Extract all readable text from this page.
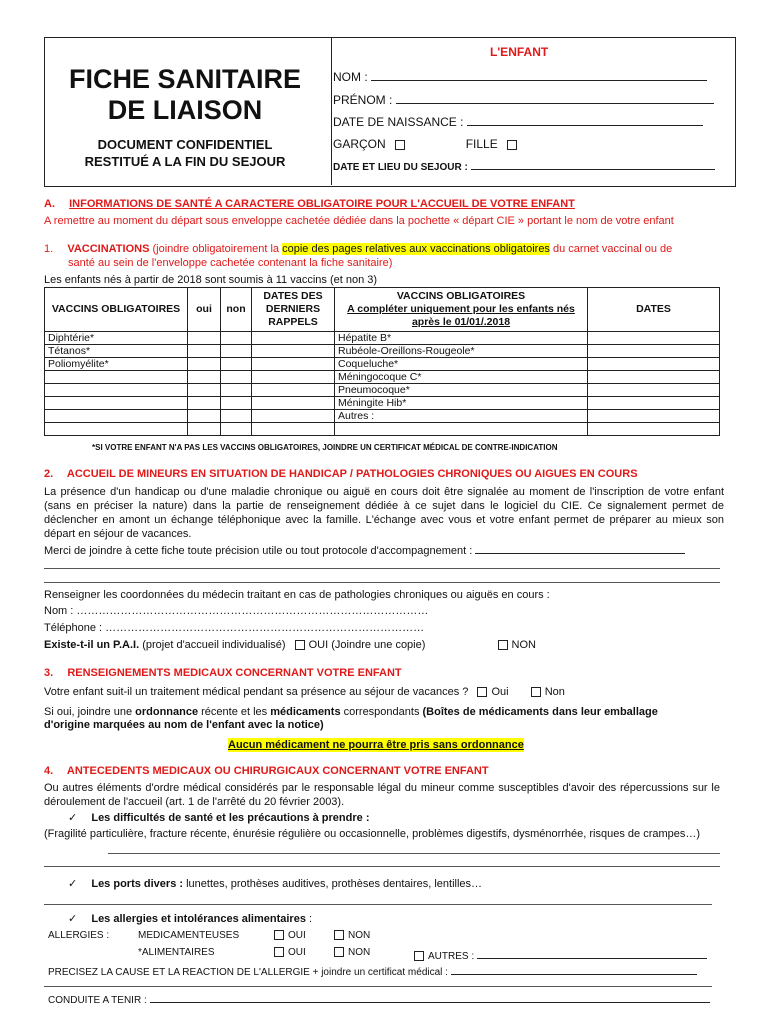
FICHE SANITAIRE
DE LIAISON
DOCUMENT CONFIDENTIEL
RESTITUÉ A LA FIN DU SEJOUR
L'ENFANT
NOM :
PRÉNOM :
DATE DE NAISSANCE :
GARÇON	FILLE
DATE ET LIEU DU SEJOUR :
A. INFORMATIONS DE SANTÉ A CARACTERE OBLIGATOIRE POUR L'ACCUEIL DE VOTRE ENFANT
A remettre au moment du départ sous enveloppe cachetée dédiée dans la pochette « départ CIE » portant le nom de votre enfant
1. VACCINATIONS (joindre obligatoirement la copie des pages relatives aux vaccinations obligatoires du carnet vaccinal ou de
santé au sein de l'enveloppe cachetée contenant la fiche sanitaire)
Les enfants nés à partir de 2018 sont soumis à 11 vaccins (et non 3)
VACCINS OBLIGATOIRES	oui	non	DATES DES DERNIERS RAPPELS	VACCINS OBLIGATOIRES
A compléter uniquement pour les enfants nés
après le 01/01/.2018	DATES
Diphtérie*				Hépatite B*	
Tétanos*				Rubéole-Oreillons-Rougeole*	
Poliomyélite*				Coqueluche*	
				Méningocoque C*	
				Pneumocoque*	
				Méningite Hib*	
				Autres :	

*SI VOTRE ENFANT N'A PAS LES VACCINS OBLIGATOIRES, JOINDRE UN CERTIFICAT MÉDICAL DE CONTRE-INDICATION
2. ACCUEIL DE MINEURS EN SITUATION DE HANDICAP / PATHOLOGIES CHRONIQUES OU AIGUES EN COURS
La présence d'un handicap ou d'une maladie chronique ou aiguë en cours doit être signalée au moment de l'inscription de votre enfant (sans en préciser la nature) dans la partie de renseignement dédiée à ce sujet dans le logiciel du CIE. Ce signalement permet de déclencher en amont un échange téléphonique avec la famille. L'échange avec vous et votre enfant permet de préparer au mieux son départ en séjour de vacances.
Merci de joindre à cette fiche toute précision utile ou tout protocole d'accompagnement :
Renseigner les coordonnées du médecin traitant en cas de pathologies chroniques ou aiguës en cours :
Nom : ……………………………………………………………………………………
Téléphone : ……………………………………………………………………………
Existe-t-il un P.A.I. (projet d'accueil individualisé) OUI (Joindre une copie)	NON
3. RENSEIGNEMENTS MEDICAUX CONCERNANT VOTRE ENFANT
Votre enfant suit-il un traitement médical pendant sa présence au séjour de vacances ? Oui	Non
Si oui, joindre une ordonnance récente et les médicaments correspondants (Boîtes de médicaments dans leur emballage
d'origine marquées au nom de l'enfant avec la notice)
Aucun médicament ne pourra être pris sans ordonnance
4. ANTECEDENTS MEDICAUX OU CHIRURGICAUX CONCERNANT VOTRE ENFANT
Ou autres éléments d'ordre médical considérés par le responsable légal du mineur comme susceptibles d'avoir des répercussions sur le déroulement de l'accueil (art. 1 de l'arrêté du 20 février 2003).
✓ Les difficultés de santé et les précautions à prendre :
(Fragilité particulière, fracture récente, énurésie régulière ou occasionnelle, problèmes digestifs, dysménorrhée, risques de crampes…)
✓ Les ports divers : lunettes, prothèses auditives, prothèses dentaires, lentilles…
✓ Les allergies et intolérances alimentaires :
ALLERGIES :	MEDICAMENTEUSES	OUI	NON
*ALIMENTAIRES	OUI	NON	AUTRES :
PRECISEZ LA CAUSE ET LA REACTION DE L'ALLERGIE + joindre un certificat médical :
CONDUITE A TENIR :
